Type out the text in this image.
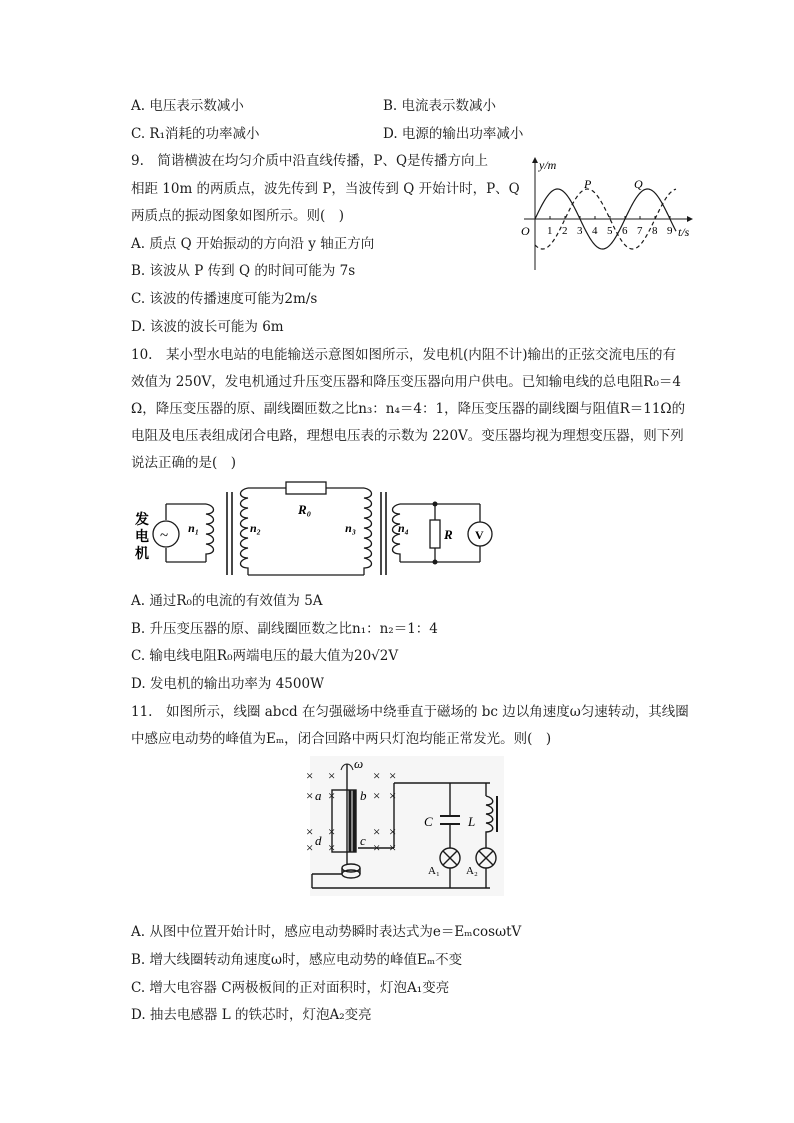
A. 电压表示数减小	B. 电流表示数减小
C. R₁消耗的功率减小	D. 电源的输出功率减小
9.　简谐横波在均匀介质中沿直线传播，P、Q是传播方向上
相距 10m 的两质点，波先传到 P，当波传到 Q 开始计时，P、Q
两质点的振动图象如图所示。则(　)
A. 质点 Q 开始振动的方向沿 y 轴正方向
B. 该波从 P 传到 Q 的时间可能为 7s
C. 该波的传播速度可能为2m/s
D. 该波的波长可能为 6m
y/m
t/s
O 1 2 3 4 5 6 7 8 9
P	Q
10.　某小型水电站的电能输送示意图如图所示，发电机(内阻不计)输出的正弦交流电压的有
效值为 250V，发电机通过升压变压器和降压变压器向用户供电。已知输电线的总电阻R₀＝4
Ω，降压变压器的原、副线圈匝数之比n₃：n₄＝4：1，降压变压器的副线圈与阻值R＝11Ω的
电阻及电压表组成闭合电路，理想电压表的示数为 220V。变压器均视为理想变压器，则下列
说法正确的是(　)
~
发
电
机
n₁	n₂	n₃	n₄
R₀
R V
A. 通过R₀的电流的有效值为 5A
B. 升压变压器的原、副线圈匝数之比n₁：n₂＝1：4
C. 输电线电阻R₀两端电压的最大值为20√2V
D. 发电机的输出功率为 4500W
11.　如图所示，线圈 abcd 在匀强磁场中绕垂直于磁场的 bc 边以角速度ω匀速转动，其线圈
中感应电动势的峰值为Eₘ，闭合回路中两只灯泡均能正常发光。则(　)
× ×	× ×
× ×	× ×
× ×	× ×
× ×	× ×
ω
a	b
c
d
C	L
A₁ A₂
A. 从图中位置开始计时，感应电动势瞬时表达式为e＝EₘcosωtV
B. 增大线圈转动角速度ω时，感应电动势的峰值Eₘ不变
C. 增大电容器 C两极板间的正对面积时，灯泡A₁变亮
D. 抽去电感器 L 的铁芯时，灯泡A₂变亮
